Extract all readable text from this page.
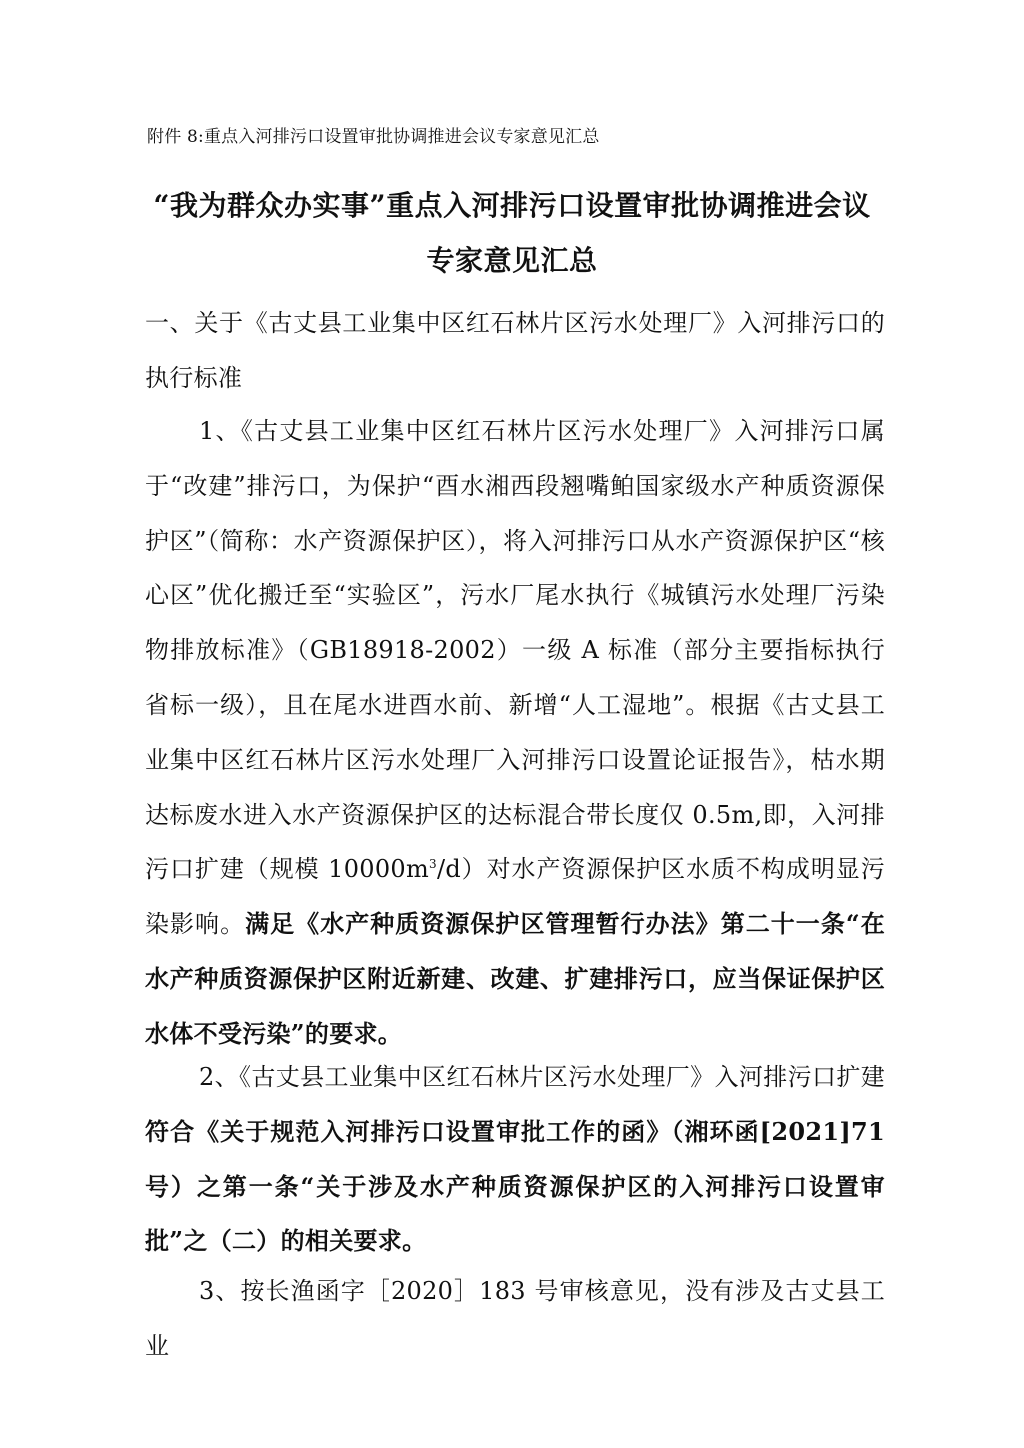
附件 8:重点入河排污口设置审批协调推进会议专家意见汇总
“我为群众办实事”重点入河排污口设置审批协调推进会议
专家意见汇总
一、关于《古丈县工业集中区红石林片区污水处理厂》入河排污口的执行标准
1、《古丈县工业集中区红石林片区污水处理厂》入河排污口属于“改建”排污口，为保护“酉水湘西段翘嘴鲌国家级水产种质资源保护区”（简称：水产资源保护区），将入河排污口从水产资源保护区“核心区”优化搬迁至“实验区”，污水厂尾水执行《城镇污水处理厂污染物排放标准》（GB18918-2002）一级 A 标准（部分主要指标执行省标一级），且在尾水进酉水前、新增“人工湿地”。根据《古丈县工业集中区红石林片区污水处理厂入河排污口设置论证报告》，枯水期达标废水进入水产资源保护区的达标混合带长度仅 0.5m,即，入河排污口扩建（规模 $10000m^3/d$）对水产资源保护区水质不构成明显污染影响。满足《水产种质资源保护区管理暂行办法》第二十一条“在水产种质资源保护区附近新建、改建、扩建排污口，应当保证保护区水体不受污染”的要求。
2、《古丈县工业集中区红石林片区污水处理厂》入河排污口扩建符合《关于规范入河排污口设置审批工作的函》（湘环函[2021]71 号）之第一条“关于涉及水产种质资源保护区的入河排污口设置审批”之（二）的相关要求。
3、按长渔函字［2020］183 号审核意见，没有涉及古丈县工业
